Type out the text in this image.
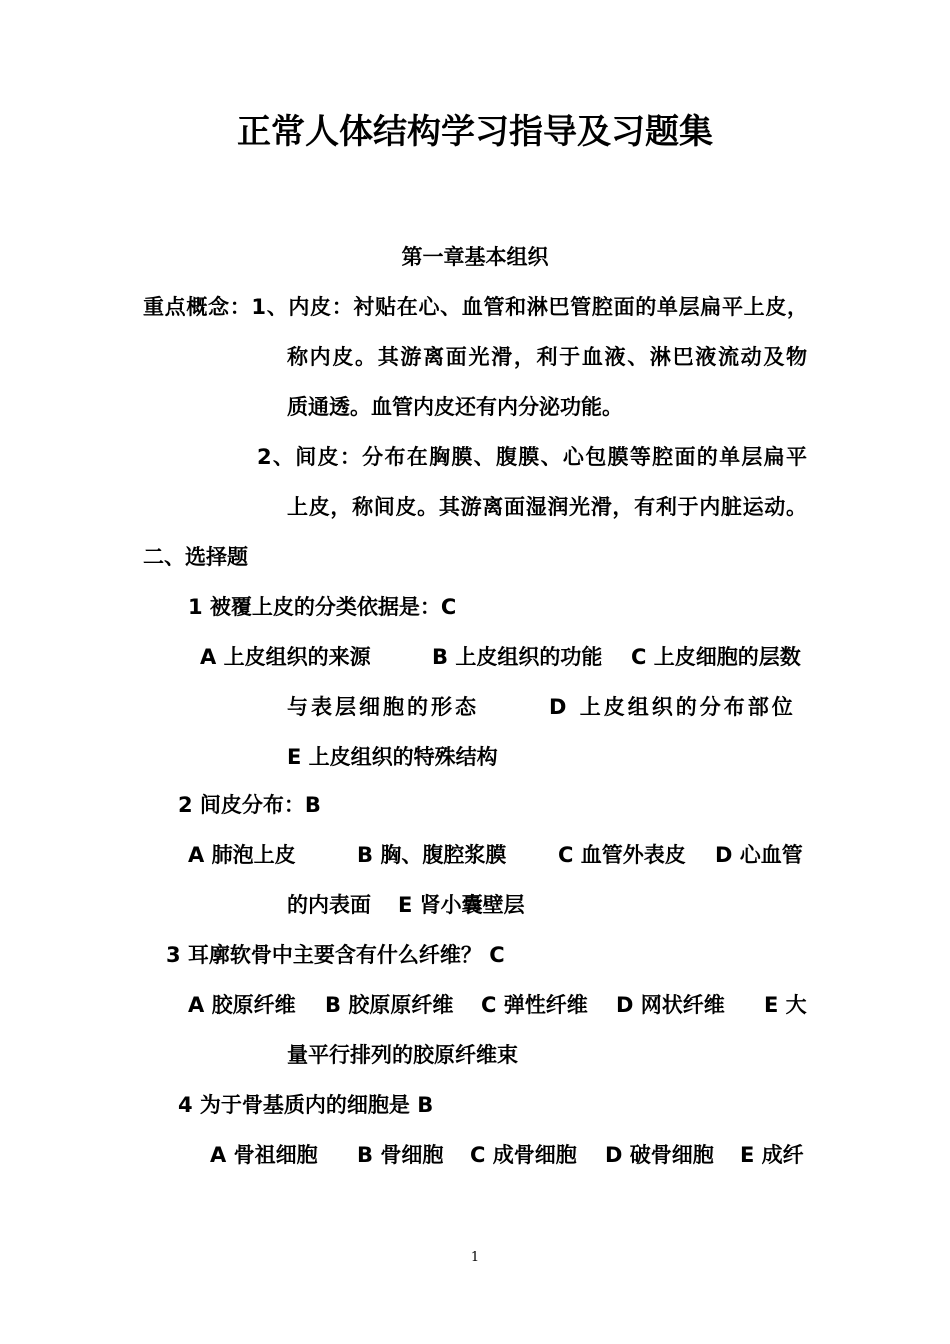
正常人体结构学习指导及习题集
第一章基本组织
重点概念：1、内皮：衬贴在心、血管和淋巴管腔面的单层扁平上皮，
称内皮。其游离面光滑，利于血液、淋巴液流动及物
质通透。血管内皮还有内分泌功能。
2、间皮：分布在胸膜、腹膜、心包膜等腔面的单层扁平
上皮，称间皮。其游离面湿润光滑，有利于内脏运动。
二、选择题
1 被覆上皮的分类依据是：C
A 上皮组织的来源	B 上皮组织的功能 C 上皮细胞的层数
与表层细胞的形态	D 上皮组织的分布部位
E 上皮组织的特殊结构
2 间皮分布：B
A 肺泡上皮	B 胸、腹腔浆膜 C 血管外表皮 D 心血管
的内表面 E 肾小囊壁层
3 耳廓软骨中主要含有什么纤维？ C
A 胶原纤维 B 胶原原纤维 C 弹性纤维 D 网状纤维 E 大
量平行排列的胶原纤维束
4 为于骨基质内的细胞是 B
A 骨祖细胞 B 骨细胞 C 成骨细胞 D 破骨细胞 E 成纤
1
